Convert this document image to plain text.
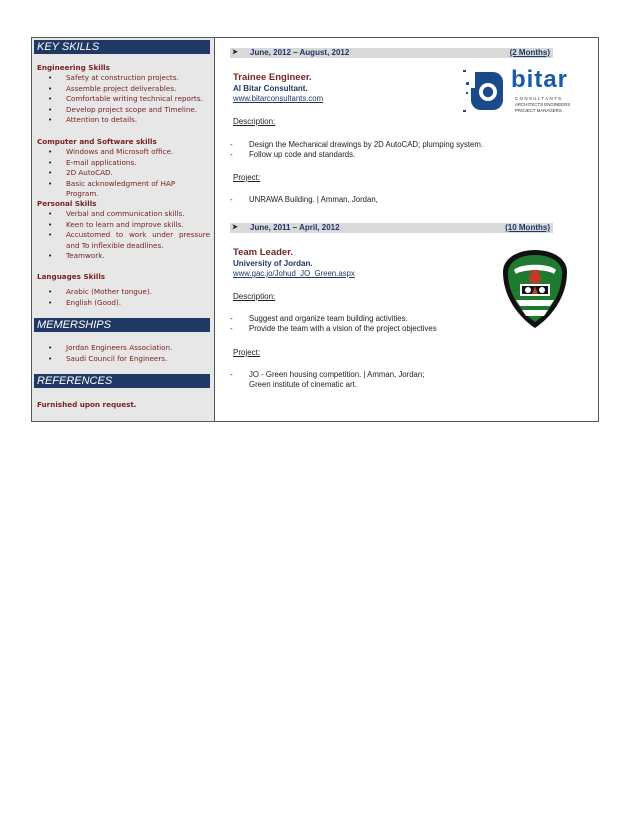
KEY SKILLS
Engineering Skills
• Safety at construction projects.
• Assemble project deliverables.
• Comfortable writing technical reports.
• Develop project scope and Timeline.
• Attention to details.
Computer and Software skills
• Windows and Microsoft office.
• E-mail applications.
• 2D AutoCAD.
• Basic acknowledgment of HAP Program.
Personal Skills
• Verbal and communication skills.
• Keen to learn and improve skills.
• Accustomed to work under pressure and To inflexible deadlines.
• Teamwork.
Languages Skills
• Arabic (Mother tongue).
• English (Good).
MEMERSHIPS
• Jordan Engineers Association.
• Saudi Council for Engineers.
REFERENCES
Furnished upon request.
➤ June, 2012 – August, 2012	(2 Months)
Trainee Engineer.
Al Bitar Consultant.
www.bitarconsultants.com
bitar
CONSULTANTS
ARCHITECTS ENGINEERS
PROJECT MANAGERS
Description:
- Design the Mechanical drawings by 2D AutoCAD; plumping system.
- Follow up code and standards.
Project:
- UNRAWA Building. | Amman, Jordan,
➤ June, 2011 – April, 2012	(10 Months)
Team Leader.
University of Jordan.
www.gac.jo/Johud_JO_Green.aspx
Description:
- Suggest and organize team building activities.
- Provide the team with a vision of the project objectives
Project:
- JO - Green housing competition. | Amman, Jordan;
Green institute of cinematic art.
